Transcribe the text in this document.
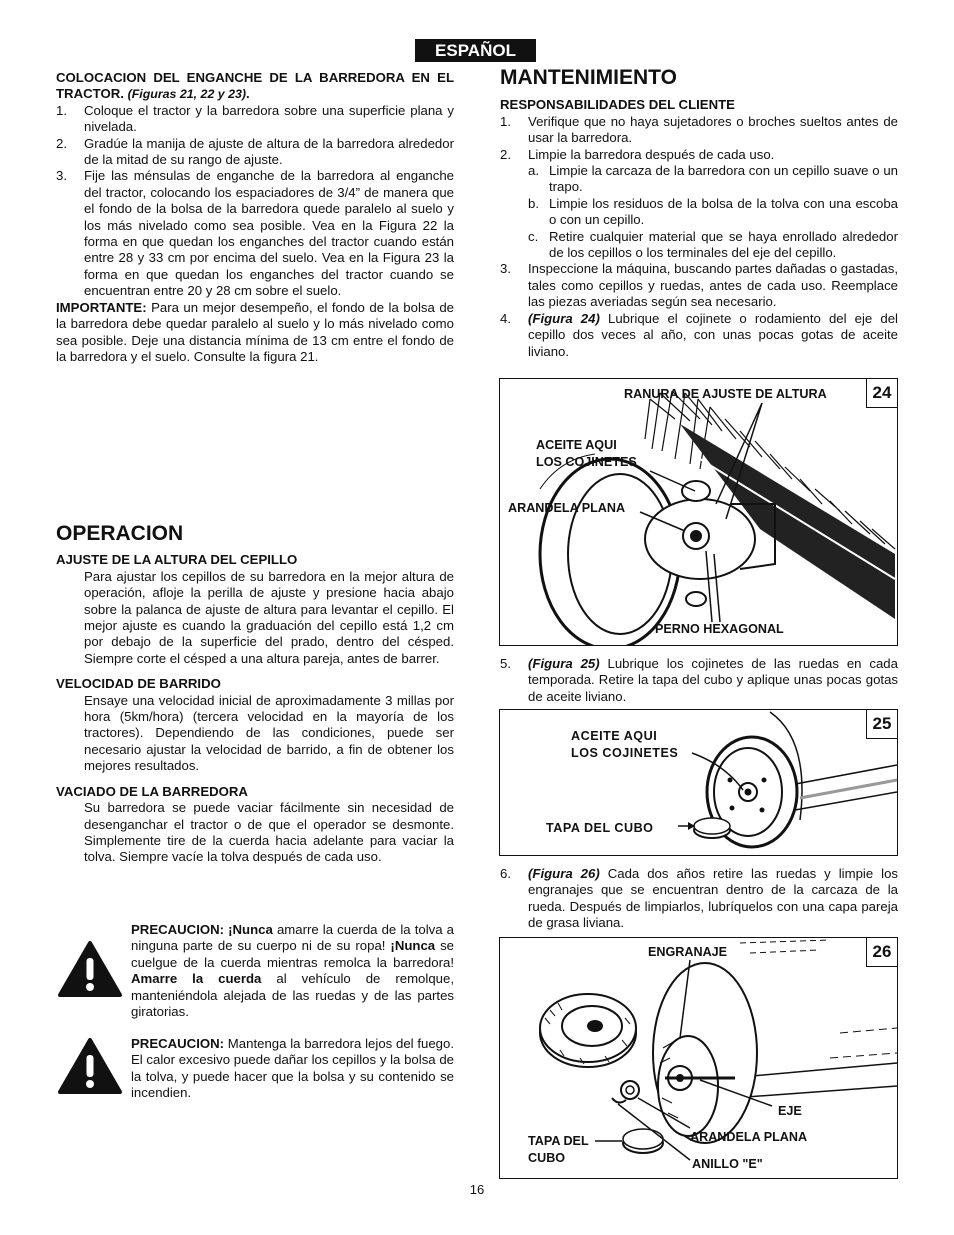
ESPAÑOL
COLOCACION DEL ENGANCHE DE LA BARREDORA EN EL TRACTOR. (Figuras 21, 22 y 23).
1.	Coloque el tractor y la barredora sobre una superficie plana y nivelada.
2.	Gradúe la manija de ajuste de altura de la barredora alrededor de la mitad de su rango de ajuste.
3.	Fije las ménsulas de enganche de la barredora al enganche del tractor, colocando los espaciadores de 3/4” de manera que el fondo de la bolsa de la barredora quede paralelo al suelo y los más nivelado como sea posible. Vea en la Figura 22 la forma en que quedan los enganches del tractor cuando están entre 28 y 33 cm por encima del suelo. Vea en la Figura 23 la forma en que quedan los enganches del tractor cuando se encuentran entre 20 y 28 cm sobre el suelo.

IMPORTANTE: Para un mejor desempeño, el fondo de la bolsa de la barredora debe quedar paralelo al suelo y lo más nivelado como sea posible. Deje una distancia mínima de 13 cm entre el fondo de la barredora y el suelo. Consulte la figura 21.

OPERACION
AJUSTE DE LA ALTURA DEL CEPILLO

Para ajustar los cepillos de su barredora en la mejor altura de operación, afloje la perilla de ajuste y presione hacia abajo sobre la palanca de ajuste de altura para levantar el cepillo. El mejor ajuste es cuando la graduación del cepillo está 1,2 cm por debajo de la superficie del prado, dentro del césped. Siempre corte el césped a una altura pareja, antes de barrer.

VELOCIDAD DE BARRIDO

Ensaye una velocidad inicial de aproximadamente 3 millas por hora (5km/hora) (tercera velocidad en la mayoría de los tractores). Dependiendo de las condiciones, puede ser necesario ajustar la velocidad de barrido, a fin de obtener los mejores resultados.

VACIADO DE LA BARREDORA

Su barredora se puede vaciar fácilmente sin necesidad de desenganchar el tractor o de que el operador se desmonte. Simplemente tire de la cuerda hacia adelante para vaciar la tolva. Siempre vacíe la tolva después de cada uso.

PRECAUCION: ¡Nunca amarre la cuerda de la tolva a ninguna parte de su cuerpo ni de su ropa! ¡Nunca se cuelgue de la cuerda mientras remolca la barredora! Amarre la cuerda al vehículo de remolque, manteniéndola alejada de las ruedas y de las partes giratorias.
PRECAUCION: Mantenga la barredora lejos del fuego. El calor excesivo puede dañar los cepillos y la bolsa de la tolva, y puede hacer que la bolsa y su contenido se incendien.
MANTENIMIENTO
RESPONSABILIDADES DEL CLIENTE
1.	Verifique que no haya sujetadores o broches sueltos antes de usar la barredora.
2.	Limpie la barredora después de cada uso.
a. Limpie la carcaza de la barredora con un cepillo suave o un trapo.
b. Limpie los residuos de la bolsa de la tolva con una escoba o con un cepillo.
c. Retire cualquier material que se haya enrollado alrededor de los cepillos o los terminales del eje del cepillo.
3.	Inspeccione la máquina, buscando partes dañadas o gastadas, tales como cepillos y ruedas, antes de cada uso. Reemplace las piezas averiadas según sea necesario.
4.	(Figura 24) Lubrique el cojinete o rodamiento del eje del cepillo dos veces al año, con unas pocas gotas de aceite liviano.
24
RANURA DE AJUSTE DE ALTURA
ACEITE AQUI
LOS COJINETES
ARANDELA PLANA
PERNO HEXAGONAL
5.	(Figura 25) Lubrique los cojinetes de las ruedas en cada temporada. Retire la tapa del cubo y aplique unas pocas gotas de aceite liviano.
25
ACEITE AQUI
LOS COJINETES
TAPA DEL CUBO
6.	(Figura 26) Cada dos años retire las ruedas y limpie los engranajes que se encuentran dentro de la carcaza de la rueda. Después de limpiarlos, lubríquelos con una capa pareja de grasa liviana.
26
ENGRANAJE
EJE
ARANDELA PLANA
TAPA DEL
CUBO	ANILLO "E"
16
